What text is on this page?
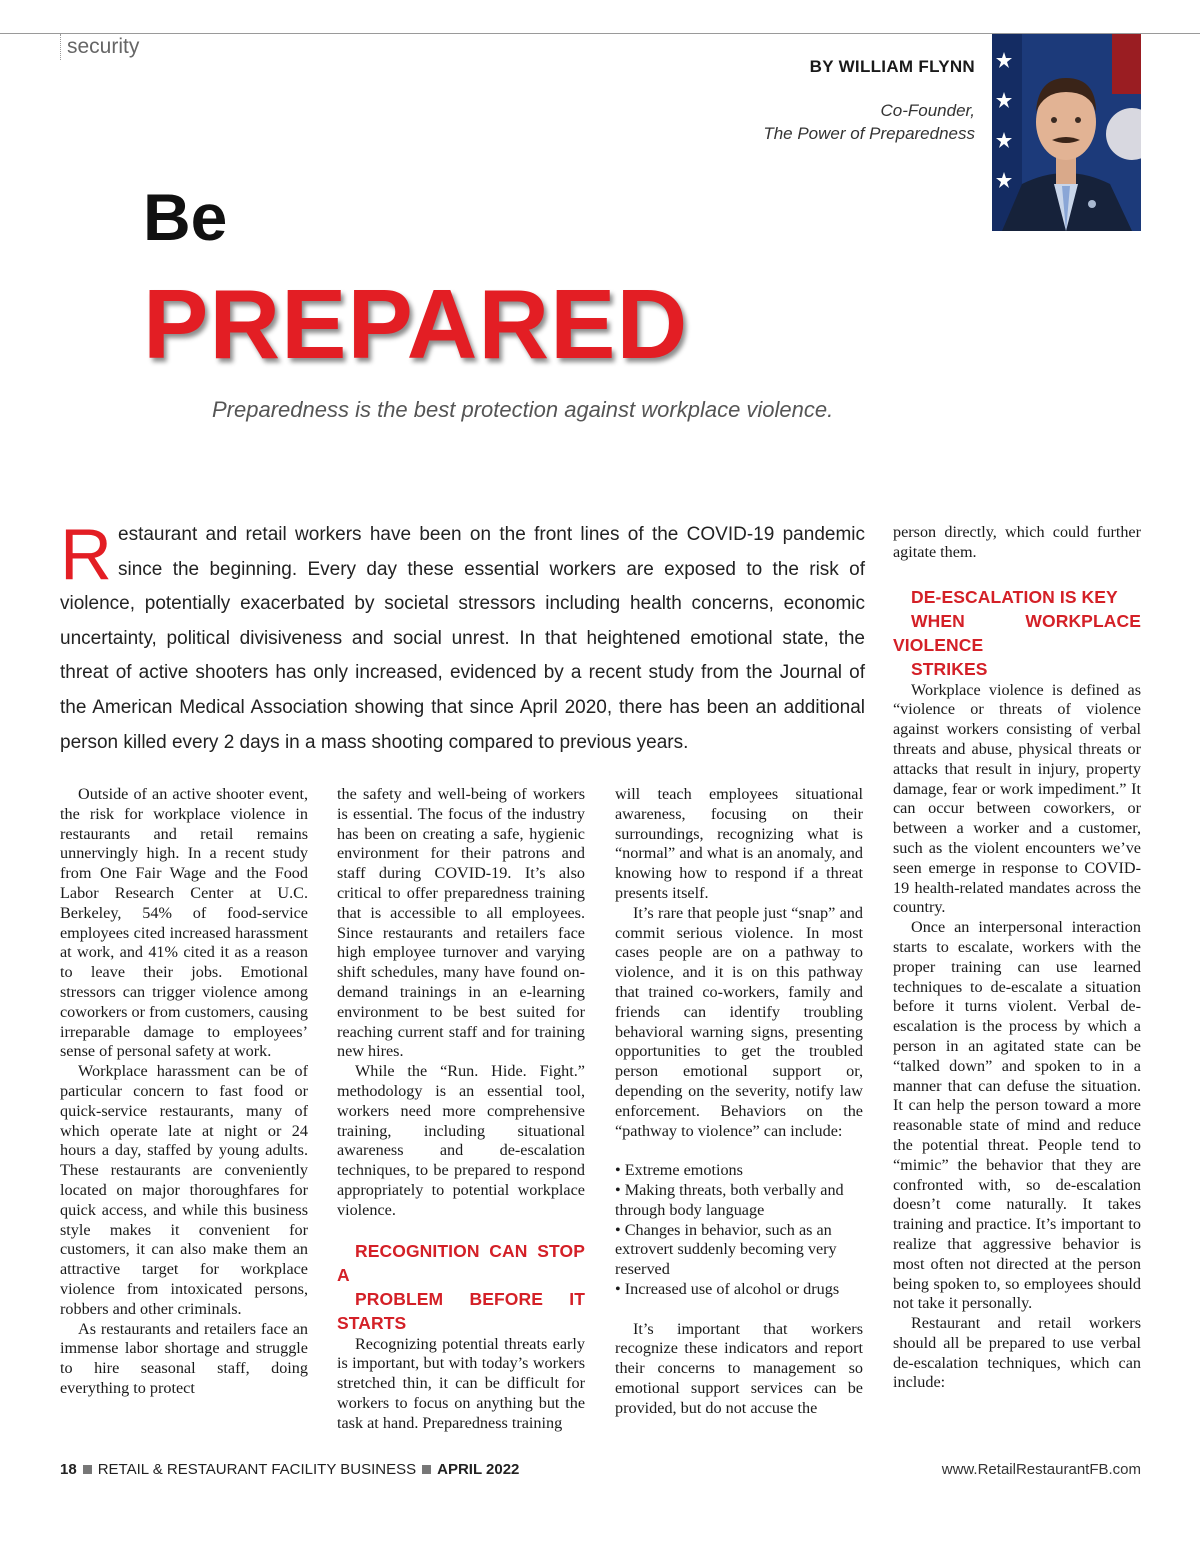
security
BY WILLIAM FLYNN
Co-Founder,
The Power of Preparedness
Be
PREPARED
Preparedness is the best protection against workplace violence.
R estaurant and retail workers have been on the front lines of the COVID-19 pandemic since the beginning. Every day these essential workers are exposed to the risk of violence, potentially exacerbated by societal stressors including health concerns, economic uncertainty, political divisiveness and social unrest. In that heightened emotional state, the threat of active shooters has only increased, evidenced by a recent study from the Journal of the American Medical Association showing that since April 2020, there has been an additional person killed every 2 days in a mass shooting compared to previous years.

Outside of an active shooter event, the risk for workplace violence in restaurants and retail remains unnervingly high. In a recent study from One Fair Wage and the Food Labor Research Center at U.C. Berkeley, 54% of food-service employees cited increased harassment at work, and 41% cited it as a reason to leave their jobs. Emotional stressors can trigger violence among coworkers or from customers, causing irreparable damage to employees’ sense of personal safety at work.

Workplace harassment can be of particular concern to fast food or quick-service restaurants, many of which operate late at night or 24 hours a day, staffed by young adults. These restaurants are conveniently located on major thoroughfares for quick access, and while this business style makes it convenient for customers, it can also make them an attractive target for workplace violence from intoxicated persons, robbers and other criminals.

As restaurants and retailers face an immense labor shortage and struggle to hire seasonal staff, doing everything to protect

the safety and well-being of workers is essential. The focus of the industry has been on creating a safe, hygienic environment for their patrons and staff during COVID-19. It’s also critical to offer preparedness training that is accessible to all employees. Since restaurants and retailers face high employee turnover and varying shift schedules, many have found on-demand trainings in an e-learning environment to be best suited for reaching current staff and for training new hires.

While the “Run. Hide. Fight.” methodology is an essential tool, workers need more comprehensive training, including situational awareness and de-escalation techniques, to be prepared to respond appropriately to potential workplace violence.

RECOGNITION CAN STOP A

PROBLEM BEFORE IT STARTS

Recognizing potential threats early is important, but with today’s workers stretched thin, it can be difficult for workers to focus on anything but the task at hand. Preparedness training

will teach employees situational awareness, focusing on their surroundings, recognizing what is “normal” and what is an anomaly, and knowing how to respond if a threat presents itself.

It’s rare that people just “snap” and commit serious violence. In most cases people are on a pathway to violence, and it is on this pathway that trained co-workers, family and friends can identify troubling behavioral warning signs, presenting opportunities to get the troubled person emotional support or, depending on the severity, notify law enforcement. Behaviors on the “pathway to violence” can include:

• Extreme emotions
• Making threats, both verbally and through body language
• Changes in behavior, such as an extrovert suddenly becoming very reserved
• Increased use of alcohol or drugs

It’s important that workers recognize these indicators and report their concerns to management so emotional support services can be provided, but do not accuse the

person directly, which could further agitate them.

DE-ESCALATION IS KEY

WHEN WORKPLACE VIOLENCE

STRIKES

Workplace violence is defined as “violence or threats of violence against workers consisting of verbal threats and abuse, physical threats or attacks that result in injury, property damage, fear or work impediment.” It can occur between coworkers, or between a worker and a customer, such as the violent encounters we’ve seen emerge in response to COVID-19 health-related mandates across the country.

Once an interpersonal interaction starts to escalate, workers with the proper training can use learned techniques to de-escalate a situation before it turns violent. Verbal de-escalation is the process by which a person in an agitated state can be “talked down” and spoken to in a manner that can defuse the situation. It can help the person toward a more reasonable state of mind and reduce the potential threat. People tend to “mimic” the behavior that they are confronted with, so de-escalation doesn’t come naturally. It takes training and practice. It’s important to realize that aggressive behavior is most often not directed at the person being spoken to, so employees should not take it personally.

Restaurant and retail workers should all be prepared to use verbal de-escalation techniques, which can include:

18 RETAIL & RESTAURANT FACILITY BUSINESS APRIL 2022	www.RetailRestaurantFB.com
